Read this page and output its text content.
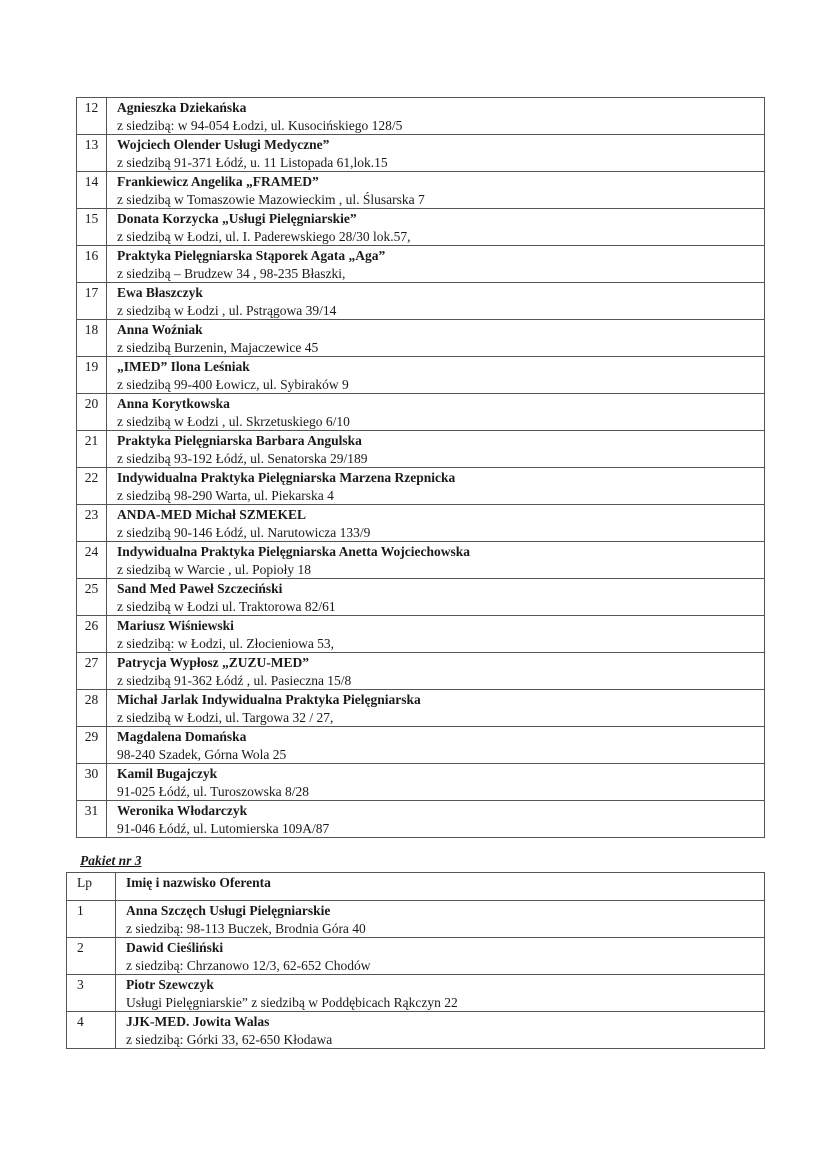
12	Agnieszka Dziekańska
z siedzibą: w 94-054 Łodzi, ul. Kusocińskiego 128/5

13	Wojciech Olender Usługi Medyczne”
z siedzibą 91-371 Łódź, u. 11 Listopada 61,lok.15

14	Frankiewicz Angelika „FRAMED”
z siedzibą w Tomaszowie Mazowieckim , ul. Ślusarska 7

15	Donata Korzycka „Usługi Pielęgniarskie”
z siedzibą w Łodzi, ul. I. Paderewskiego 28/30 lok.57,

16	Praktyka Pielęgniarska Stąporek Agata „Aga”
z siedzibą – Brudzew 34 , 98-235 Błaszki,

17	Ewa Błaszczyk
z siedzibą w Łodzi , ul. Pstrągowa 39/14

18	Anna Woźniak
z siedzibą Burzenin, Majaczewice 45

19	„IMED” Ilona Leśniak
z siedzibą 99-400 Łowicz, ul. Sybiraków 9

20	Anna Korytkowska
z siedzibą w Łodzi , ul. Skrzetuskiego 6/10

21	Praktyka Pielęgniarska Barbara Angulska
z siedzibą 93-192 Łódź, ul. Senatorska 29/189

22	Indywidualna Praktyka Pielęgniarska Marzena Rzepnicka
z siedzibą 98-290 Warta, ul. Piekarska 4

23	ANDA-MED Michał SZMEKEL
z siedzibą 90-146 Łódź, ul. Narutowicza 133/9

24	Indywidualna Praktyka Pielęgniarska Anetta Wojciechowska
z siedzibą w Warcie , ul. Popioły 18

25	Sand Med Paweł Szczeciński
z siedzibą w Łodzi ul. Traktorowa 82/61

26	Mariusz Wiśniewski
z siedzibą: w Łodzi, ul. Złocieniowa 53,

27	Patrycja Wypłosz „ZUZU-MED”
z siedzibą 91-362 Łódź , ul. Pasieczna 15/8

28	Michał Jarlak Indywidualna Praktyka Pielęgniarska
z siedzibą w Łodzi, ul. Targowa 32 / 27,

29	Magdalena Domańska
98-240 Szadek, Górna Wola 25

30	Kamil Bugajczyk
91-025 Łódź, ul. Turoszowska 8/28

31	Weronika Włodarczyk
91-046 Łódź, ul. Lutomierska 109A/87

Pakiet nr 3

Lp	Imię i nazwisko Oferenta
1	Anna Szczęch Usługi Pielęgniarskie
z siedzibą: 98-113 Buczek, Brodnia Góra 40

2	Dawid Cieśliński
z siedzibą: Chrzanowo 12/3, 62-652 Chodów

3	Piotr Szewczyk
Usługi Pielęgniarskie” z siedzibą w Poddębicach Rąkczyn 22

4	JJK-MED. Jowita Walas
z siedzibą: Górki 33, 62-650 Kłodawa
